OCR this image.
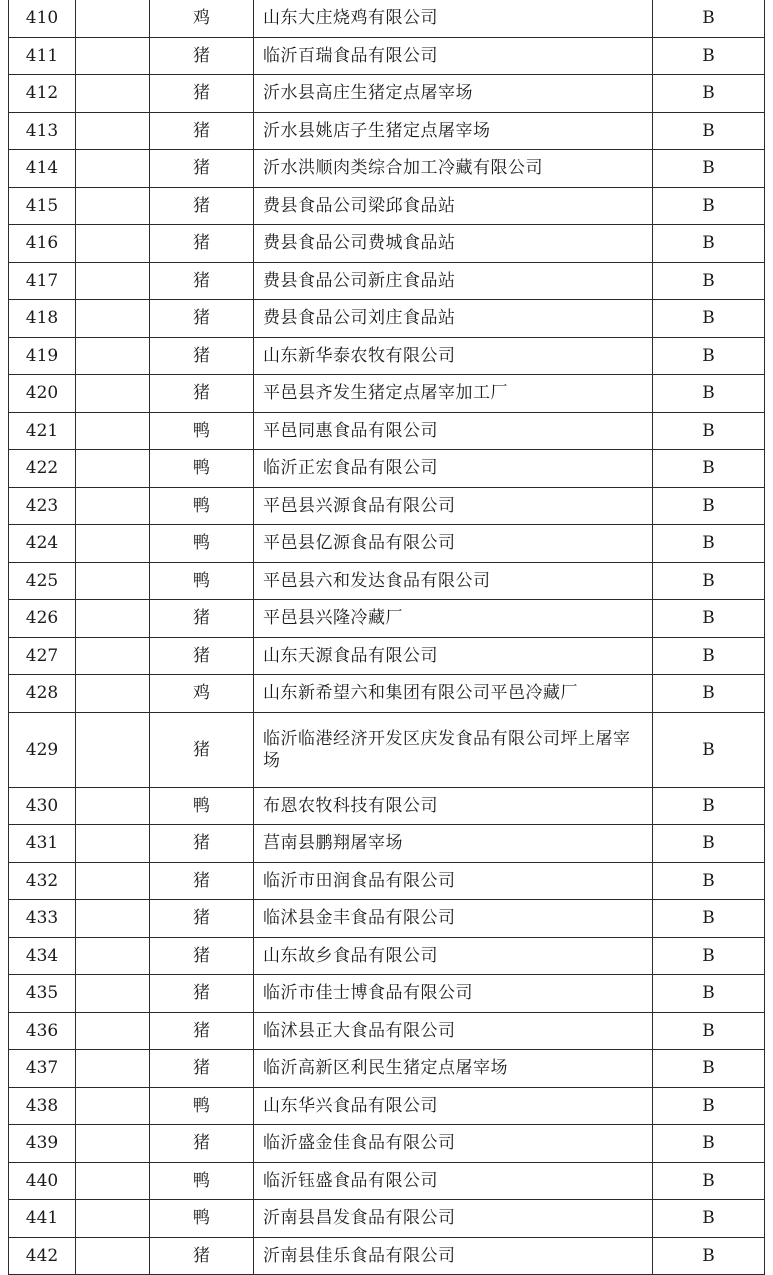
410		鸡	山东大庄烧鸡有限公司	B
411		猪	临沂百瑞食品有限公司	B
412		猪	沂水县高庄生猪定点屠宰场	B
413		猪	沂水县姚店子生猪定点屠宰场	B
414		猪	沂水洪顺肉类综合加工冷藏有限公司	B
415		猪	费县食品公司梁邱食品站	B
416		猪	费县食品公司费城食品站	B
417		猪	费县食品公司新庄食品站	B
418		猪	费县食品公司刘庄食品站	B
419		猪	山东新华泰农牧有限公司	B
420		猪	平邑县齐发生猪定点屠宰加工厂	B
421		鸭	平邑同惠食品有限公司	B
422		鸭	临沂正宏食品有限公司	B
423		鸭	平邑县兴源食品有限公司	B
424		鸭	平邑县亿源食品有限公司	B
425		鸭	平邑县六和发达食品有限公司	B
426		猪	平邑县兴隆冷藏厂	B
427		猪	山东天源食品有限公司	B
428		鸡	山东新希望六和集团有限公司平邑冷藏厂	B
429		猪	临沂临港经济开发区庆发食品有限公司坪上屠宰场	B
430		鸭	布恩农牧科技有限公司	B
431		猪	莒南县鹏翔屠宰场	B
432		猪	临沂市田润食品有限公司	B
433		猪	临沭县金丰食品有限公司	B
434		猪	山东故乡食品有限公司	B
435		猪	临沂市佳士博食品有限公司	B
436		猪	临沭县正大食品有限公司	B
437		猪	临沂高新区利民生猪定点屠宰场	B
438		鸭	山东华兴食品有限公司	B
439		猪	临沂盛金佳食品有限公司	B
440		鸭	临沂钰盛食品有限公司	B
441		鸭	沂南县昌发食品有限公司	B
442		猪	沂南县佳乐食品有限公司	B
